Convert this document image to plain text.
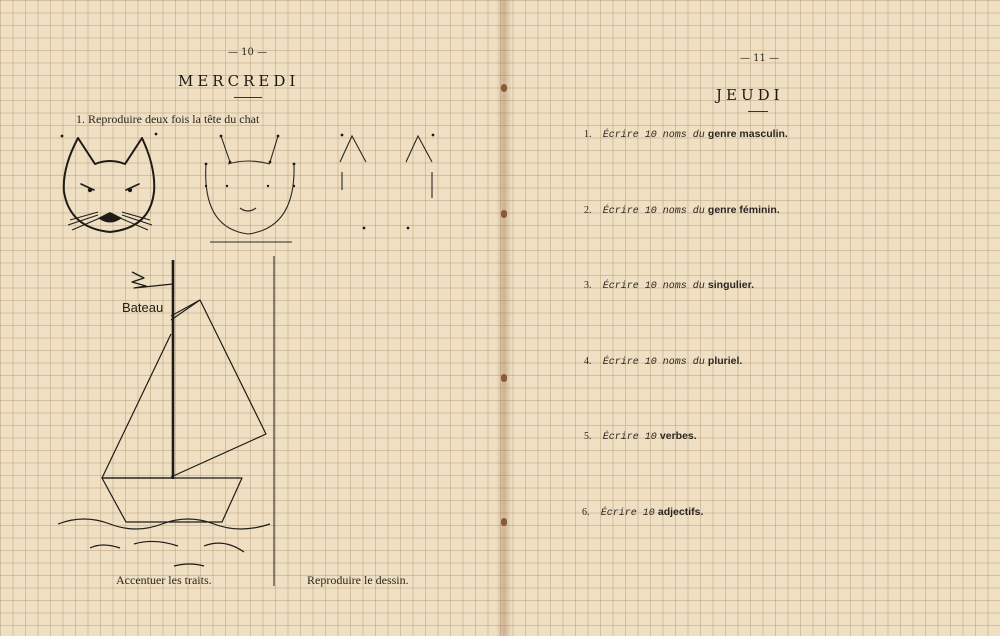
— 10 —
MERCREDI
1. Reproduire deux fois la tête du chat
Bateau
Accentuer les traits.	Reproduire le dessin.
— 11 —
JEUDI
1. Écrire 10 noms du genre masculin.
2. Écrire 10 noms du genre féminin.
3. Écrire 10 noms du singulier.
4. Écrire 10 noms du pluriel.
5. Écrire 10 verbes.
6. Écrire 10 adjectifs.
